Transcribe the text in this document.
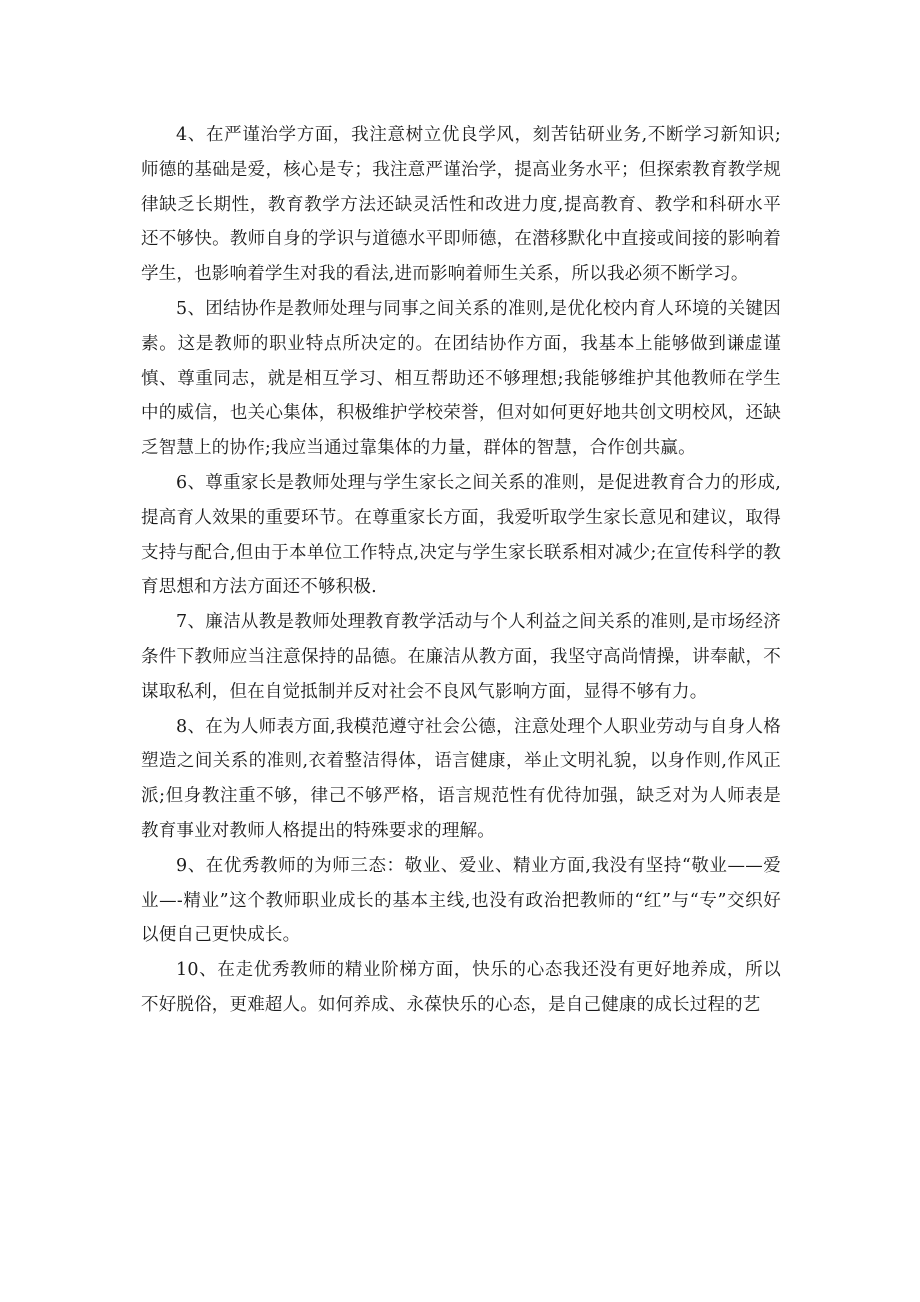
4、在严谨治学方面，我注意树立优良学风，刻苦钻研业务,不断学习新知识;师德的基础是爱，核心是专；我注意严谨治学，提高业务水平；但探索教育教学规律缺乏长期性，教育教学方法还缺灵活性和改进力度,提高教育、教学和科研水平还不够快。教师自身的学识与道德水平即师德，在潜移默化中直接或间接的影响着学生，也影响着学生对我的看法,进而影响着师生关系，所以我必须不断学习。

5、团结协作是教师处理与同事之间关系的准则,是优化校内育人环境的关键因素。这是教师的职业特点所决定的。在团结协作方面，我基本上能够做到谦虚谨慎、尊重同志，就是相互学习、相互帮助还不够理想;我能够维护其他教师在学生中的威信，也关心集体，积极维护学校荣誉，但对如何更好地共创文明校风，还缺乏智慧上的协作;我应当通过靠集体的力量，群体的智慧，合作创共赢。

6、尊重家长是教师处理与学生家长之间关系的准则，是促进教育合力的形成,提高育人效果的重要环节。在尊重家长方面，我爱听取学生家长意见和建议，取得支持与配合,但由于本单位工作特点,决定与学生家长联系相对减少;在宣传科学的教育思想和方法方面还不够积极.

7、廉洁从教是教师处理教育教学活动与个人利益之间关系的准则,是市场经济条件下教师应当注意保持的品德。在廉洁从教方面，我坚守高尚情操，讲奉献，不谋取私利，但在自觉抵制并反对社会不良风气影响方面，显得不够有力。

8、在为人师表方面,我模范遵守社会公德，注意处理个人职业劳动与自身人格塑造之间关系的准则,衣着整洁得体，语言健康，举止文明礼貌，以身作则,作风正派;但身教注重不够，律己不够严格，语言规范性有优待加强，缺乏对为人师表是教育事业对教师人格提出的特殊要求的理解。

9、在优秀教师的为师三态：敬业、爱业、精业方面,我没有坚持“敬业——爱业—-精业”这个教师职业成长的基本主线,也没有政治把教师的“红”与“专”交织好以便自己更快成长。

10、在走优秀教师的精业阶梯方面，快乐的心态我还没有更好地养成，所以不好脱俗，更难超人。如何养成、永葆快乐的心态，是自己健康的成长过程的艺
